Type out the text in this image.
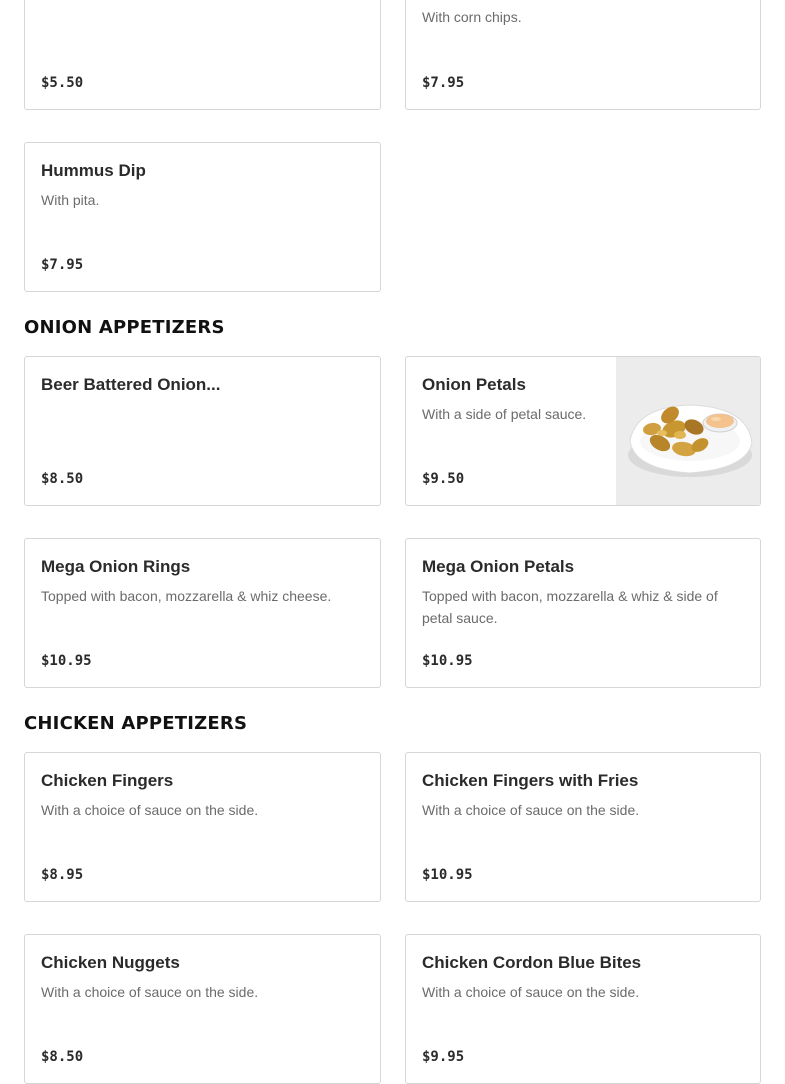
$5.50
With corn chips.
$7.95
Hummus Dip
With pita.
$7.95
ONION APPETIZERS
Beer Battered Onion...
$8.50
Onion Petals
With a side of petal sauce.
$9.50
Mega Onion Rings
Topped with bacon, mozzarella & whiz cheese.
$10.95
Mega Onion Petals
Topped with bacon, mozzarella & whiz & side of petal sauce.
$10.95
CHICKEN APPETIZERS
Chicken Fingers
With a choice of sauce on the side.
$8.95
Chicken Fingers with Fries
With a choice of sauce on the side.
$10.95
Chicken Nuggets
With a choice of sauce on the side.
$8.50
Chicken Cordon Blue Bites
With a choice of sauce on the side.
$9.95
